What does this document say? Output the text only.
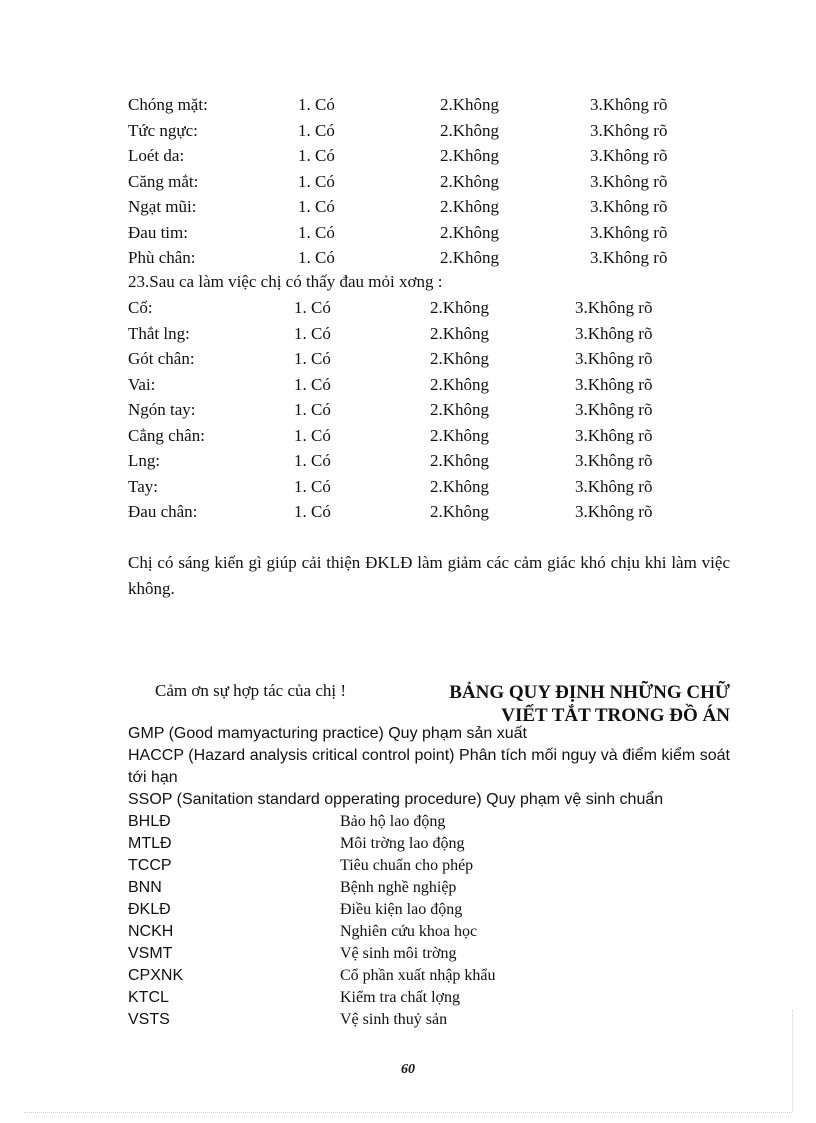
Chóng mặt:	1. Có	2.Không	3.Không rõ
Tức ngực:	1. Có	2.Không	3.Không rõ
Loét da:	1. Có	2.Không	3.Không rõ
Căng mắt:	1. Có	2.Không	3.Không rõ
Ngạt mũi:	1. Có	2.Không	3.Không rõ
Đau tim:	1. Có	2.Không	3.Không rõ
Phù chân:	1. Có	2.Không	3.Không rõ
23.Sau ca làm việc chị có thấy đau mỏi xơng :
Cổ:	1. Có	2.Không	3.Không rõ
Thắt lng:	1. Có	2.Không	3.Không rõ
Gót chân:	1. Có	2.Không	3.Không rõ
Vai:	1. Có	2.Không	3.Không rõ
Ngón tay:	1. Có	2.Không	3.Không rõ
Cẳng chân:	1. Có	2.Không	3.Không rõ
Lng:	1. Có	2.Không	3.Không rõ
Tay:	1. Có	2.Không	3.Không rõ
Đau chân:	1. Có	2.Không	3.Không rõ
Chị có sáng kiến gì giúp cải thiện ĐKLĐ làm giảm các cảm giác khó chịu khi làm việc không.
Cảm ơn sự hợp tác của chị !	BẢNG QUY ĐỊNH NHỮNG CHỮ
VIẾT TẮT TRONG ĐỒ ÁN
GMP (Good mamyacturing practice) Quy phạm sản xuất
HACCP (Hazard analysis critical control point) Phân tích mối nguy và điểm kiểm soát tới hạn
SSOP (Sanitation standard opperating procedure) Quy phạm vệ sinh chuẩn
BHLĐ	Bảo hộ lao động
MTLĐ	Môi trờng lao động
TCCP	Tiêu chuẩn cho phép
BNN	Bệnh nghề nghiệp
ĐKLĐ	Điều kiện lao động
NCKH	Nghiên cứu khoa học
VSMT	Vệ sinh môi trờng
CPXNK	Cổ phần xuất nhập khẩu
KTCL	Kiểm tra chất lợng
VSTS	Vệ sinh thuỷ sản
60
